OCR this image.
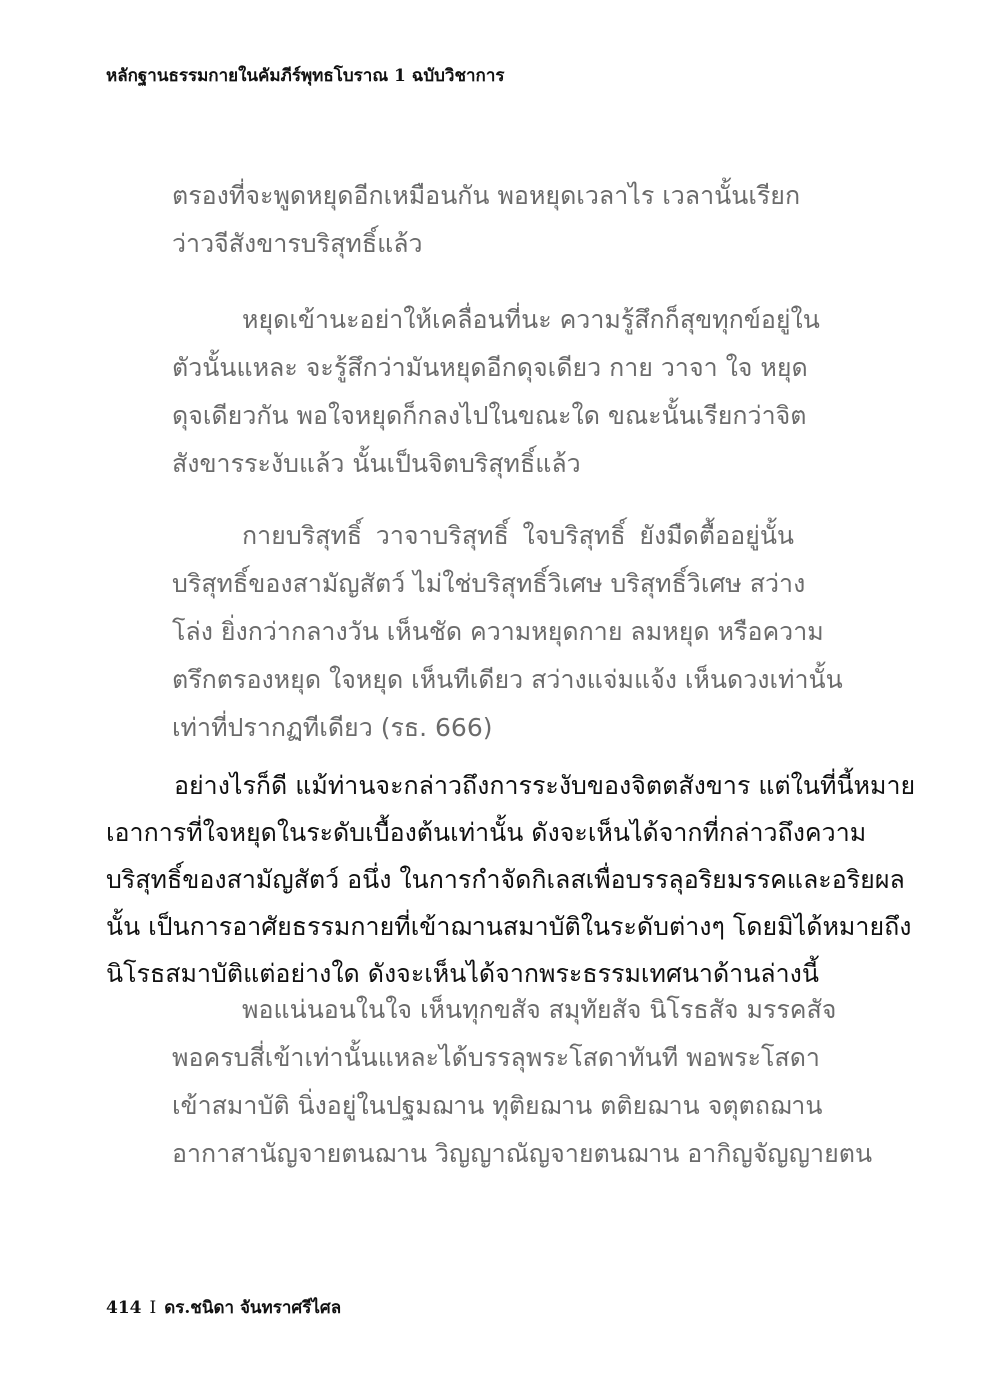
หลักฐานธรรมกายในคัมภีร์พุทธโบราณ 1 ฉบับวิชาการ
ตรองที่จะพูดหยุดอีกเหมือนกัน พอหยุดเวลาไร เวลานั้นเรียก
ว่าวจีสังขารบริสุทธิ์แล้ว
หยุดเข้านะอย่าให้เคลื่อนที่นะ ความรู้สึกก็สุขทุกข์อยู่ใน
ตัวนั้นแหละ จะรู้สึกว่ามันหยุดอีกดุจเดียว กาย วาจา ใจ หยุด
ดุจเดียวกัน พอใจหยุดก็กลงไปในขณะใด ขณะนั้นเรียกว่าจิต
สังขารระงับแล้ว นั้นเป็นจิตบริสุทธิ์แล้ว
กายบริสุทธิ์ วาจาบริสุทธิ์ ใจบริสุทธิ์ ยังมืดตื้ออยู่นั้น
บริสุทธิ์ของสามัญสัตว์ ไม่ใช่บริสุทธิ์วิเศษ บริสุทธิ์วิเศษ สว่าง
โล่ง ยิ่งกว่ากลางวัน เห็นชัด ความหยุดกาย ลมหยุด หรือความ
ตรึกตรองหยุด ใจหยุด เห็นทีเดียว สว่างแจ่มแจ้ง เห็นดวงเท่านั้น
เท่าที่ปรากฏทีเดียว (รธ. 666)
อย่างไรก็ดี แม้ท่านจะกล่าวถึงการระงับของจิตตสังขาร แต่ในที่นี้หมาย
เอาการที่ใจหยุดในระดับเบื้องต้นเท่านั้น ดังจะเห็นได้จากที่กล่าวถึงความ
บริสุทธิ์ของสามัญสัตว์ อนึ่ง ในการกำจัดกิเลสเพื่อบรรลุอริยมรรคและอริยผล
นั้น เป็นการอาศัยธรรมกายที่เข้าฌานสมาบัติในระดับต่างๆ โดยมิได้หมายถึง
นิโรธสมาบัติแต่อย่างใด ดังจะเห็นได้จากพระธรรมเทศนาด้านล่างนี้
พอแน่นอนในใจ เห็นทุกขสัจ สมุทัยสัจ นิโรธสัจ มรรคสัจ
พอครบสี่เข้าเท่านั้นแหละได้บรรลุพระโสดาทันที พอพระโสดา
เข้าสมาบัติ นิ่งอยู่ในปฐมฌาน ทุติยฌาน ตติยฌาน จตุตถฌาน
อากาสานัญจายตนฌาน วิญญาณัญจายตนฌาน อากิญจัญญายตน
414 I ดร.ชนิดา จันทราศรีไศล
